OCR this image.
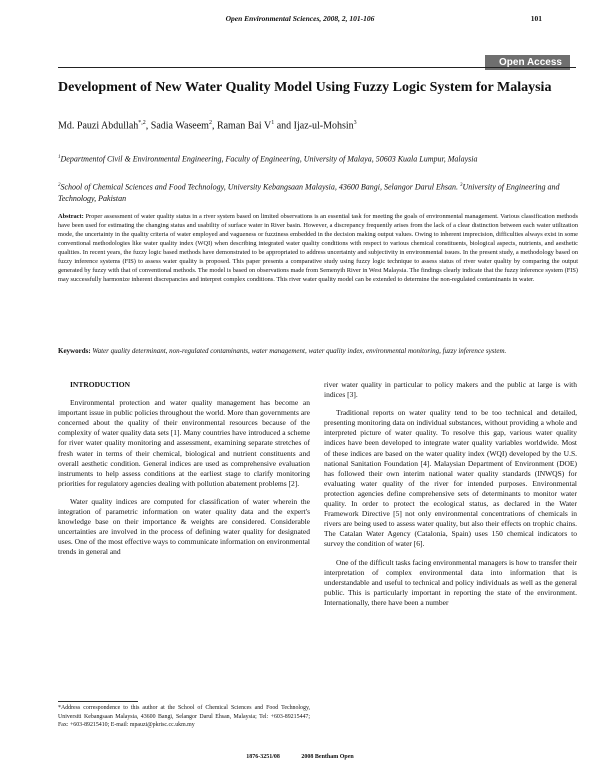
Open Environmental Sciences, 2008, 2, 101-106	101
Open Access
Development of New Water Quality Model Using Fuzzy Logic System for Malaysia
Md. Pauzi Abdullah$^{*,2}$, Sadia Waseem$^2$, Raman Bai $V^1$ and Ijaz-ul-Mohsin$^3$
$^1$Departmentof Civil & Environmental Engineering, Faculty of Engineering, University of Malaya, 50603 Kuala Lumpur, Malaysia
$^2$School of Chemical Sciences and Food Technology, University Kebangsaan Malaysia, 43600 Bangi, Selangor Darul Ehsan. $^3$University of Engineering and Technology, Pakistan
Abstract: Proper assessment of water quality status in a river system based on limited observations is an essential task for meeting the goals of environmental management. Various classification methods have been used for estimating the changing status and usability of surface water in River basin. However, a discrepancy frequently arises from the lack of a clear distinction between each water utilization mode, the uncertainty in the quality criteria of water employed and vagueness or fuzziness embedded in the decision making output values. Owing to inherent imprecision, difficulties always exist in some conventional methodologies like water quality index (WQI) when describing integrated water quality conditions with respect to various chemical constituents, biological aspects, nutrients, and aesthetic qualities. In recent years, the fuzzy logic based methods have demonstrated to be appropriated to address uncertainty and subjectivity in environmental issues. In the present study, a methodology based on fuzzy inference systems (FIS) to assess water quality is proposed. This paper presents a comparative study using fuzzy logic technique to assess status of river water quality by comparing the output generated by fuzzy with that of conventional methods. The model is based on observations made from Semenyih River in West Malaysia. The findings clearly indicate that the fuzzy inference system (FIS) may successfully harmonize inherent discrepancies and interpret complex conditions. This river water quality model can be extended to determine the non-regulated contaminants in water.
Keywords: Water quality determinant, non-regulated contaminants, water management, water quality index, environmental monitoring, fuzzy inference system.

INTRODUCTION

Environmental protection and water quality management has become an important issue in public policies throughout the world. More than governments are concerned about the quality of their environmental resources because of the complexity of water quality data sets [1]. Many countries have introduced a scheme for river water quality monitoring and assessment, examining separate stretches of fresh water in terms of their chemical, biological and nutrient constituents and overall aesthetic condition. General indices are used as comprehensive evaluation instruments to help assess conditions at the earliest stage to clarify monitoring priorities for regulatory agencies dealing with pollution abatement problems [2].

Water quality indices are computed for classification of water wherein the integration of parametric information on water quality data and the expert's knowledge base on their importance & weights are considered. Considerable uncertainties are involved in the process of defining water quality for designated uses. One of the most effective ways to communicate information on environmental trends in general and

river water quality in particular to policy makers and the public at large is with indices [3].

Traditional reports on water quality tend to be too technical and detailed, presenting monitoring data on individual substances, without providing a whole and interpreted picture of water quality. To resolve this gap, various water quality indices have been developed to integrate water quality variables worldwide. Most of these indices are based on the water quality index (WQI) developed by the U.S. national Sanitation Foundation [4]. Malaysian Department of Environment (DOE) has followed their own interim national water quality standards (INWQS) for evaluating water quality of the river for intended purposes. Environmental protection agencies define comprehensive sets of determinants to monitor water quality. In order to protect the ecological status, as declared in the Water Framework Directive [5] not only environmental concentrations of chemicals in rivers are being used to assess water quality, but also their effects on trophic chains. The Catalan Water Agency (Catalonia, Spain) uses 150 chemical indicators to survey the condition of water [6].

One of the difficult tasks facing environmental managers is how to transfer their interpretation of complex environmental data into information that is understandable and useful to technical and policy individuals as well as the general public. This is particularly important in reporting the state of the environment. Internationally, there have been a number

*Address correspondence to this author at the School of Chemical Sciences and Food Technology, Universiti Kebangsaan Malaysia, 43600 Bangi, Selangor Darul Ehsan, Malaysia; Tel: +603-89215447; Fax: +603-89215410; E-mail: mpauzi@pkrisc.cc.ukm.my
1876-3251/08	2008 Bentham Open
